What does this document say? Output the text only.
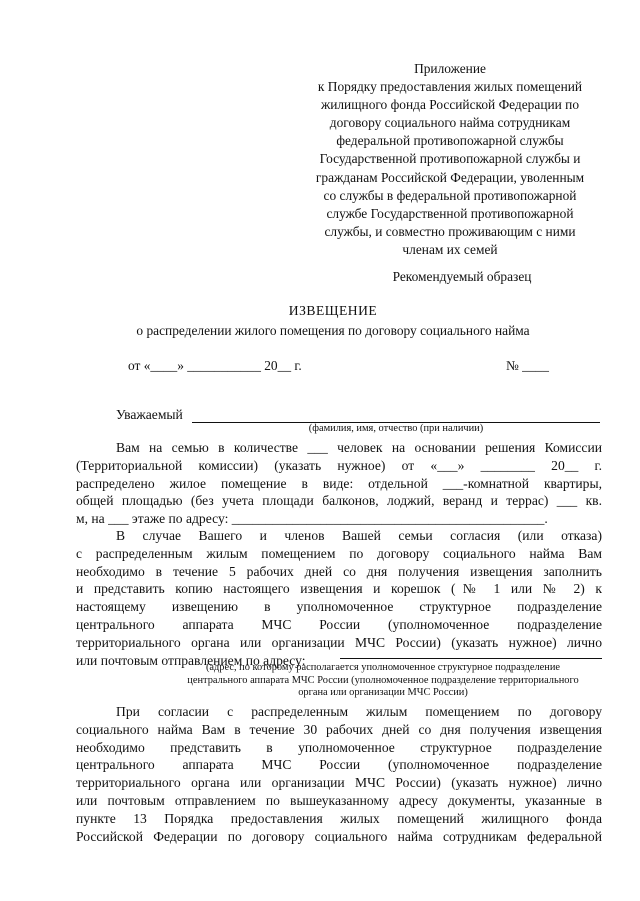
Приложение
к Порядку предоставления жилых помещений
жилищного фонда Российской Федерации по
договору социального найма сотрудникам
федеральной противопожарной службы
Государственной противопожарной службы и
гражданам Российской Федерации, уволенным
со службы в федеральной противопожарной
службе Государственной противопожарной
службы, и совместно проживающим с ними
членам их семей
Рекомендуемый образец
ИЗВЕЩЕНИЕ
о распределении жилого помещения по договору социального найма
от «____» ___________ 20__ г.	№ ____
Уважаемый
(фамилия, имя, отчество (при наличии)
Вам на семью в количестве ___ человек на основании решения Комиссии
(Территориальной комиссии) (указать нужное) от «___» ________ 20__ г.
распределено жилое помещение в виде: отдельной ___-комнатной квартиры,
общей площадью (без учета площади балконов, лоджий, веранд и террас) ___ кв.
м, на ___ этаже по адресу: ______________________________________________.
В случае Вашего и членов Вашей семьи согласия (или отказа)
с распределенным жилым помещением по договору социального найма Вам
необходимо в течение 5 рабочих дней со дня получения извещения заполнить
и представить копию настоящего извещения и корешок (№ 1 или № 2) к
настоящему извещению в уполномоченное структурное подразделение
центрального аппарата МЧС России (уполномоченное подразделение
территориального органа или организации МЧС России) (указать нужное) лично
или почтовым отправлением по адресу:
(адрес, по которому располагается уполномоченное структурное подразделение
центрального аппарата МЧС России (уполномоченное подразделение территориального
органа или организации МЧС России)
При согласии с распределенным жилым помещением по договору
социального найма Вам в течение 30 рабочих дней со дня получения извещения
необходимо представить в уполномоченное структурное подразделение
центрального аппарата МЧС России (уполномоченное подразделение
территориального органа или организации МЧС России) (указать нужное) лично
или почтовым отправлением по вышеуказанному адресу документы, указанные в
пункте 13 Порядка предоставления жилых помещений жилищного фонда
Российской Федерации по договору социального найма сотрудникам федеральной
